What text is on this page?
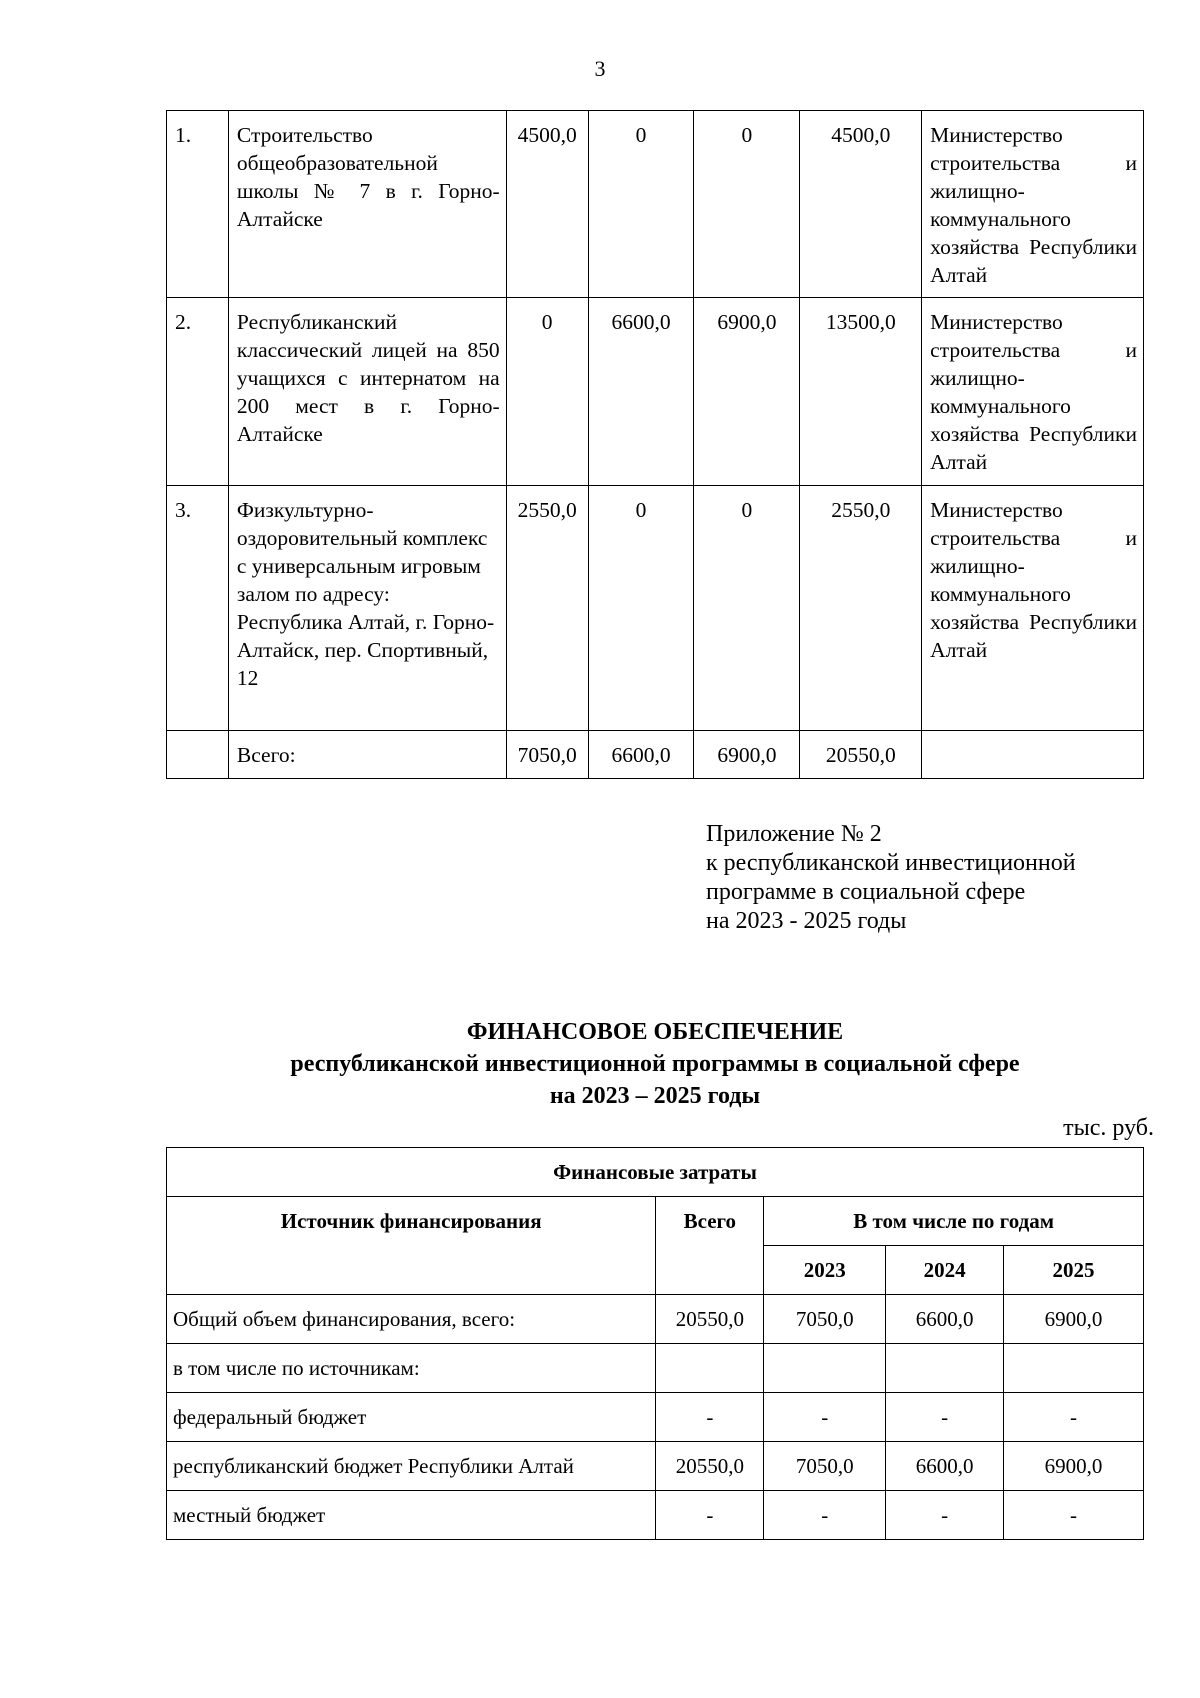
3
1.	Строительство общеобразовательной школы № 7 в г. Горно-Алтайске	4500,0	0	0	4500,0	Министерство строительства и жилищно-коммунального хозяйства Республики Алтай
2.	Республиканский классический лицей на 850 учащихся с интернатом на 200 мест в г. Горно-Алтайске	0	6600,0	6900,0	13500,0	Министерство строительства и жилищно-коммунального хозяйства Республики Алтай
3.	Физкультурно-оздоровительный комплекс с универсальным игровым залом по адресу: Республика Алтай, г. Горно-Алтайск, пер. Спортивный, 12	2550,0	0	0	2550,0	Министерство строительства и жилищно-коммунального хозяйства Республики Алтай
	Всего:	7050,0	6600,0	6900,0	20550,0	
Приложение № 2
к республиканской инвестиционной
программе в социальной сфере
на 2023 - 2025 годы
ФИНАНСОВОЕ ОБЕСПЕЧЕНИЕ
республиканской инвестиционной программы в социальной сфере
на 2023 – 2025 годы
тыс. руб.
Финансовые затраты				
Источник финансирования	Всего	В том числе по годам		
		2023	2024	2025
Общий объем финансирования, всего:	20550,0	7050,0	6600,0	6900,0
в том числе по источникам:				
федеральный бюджет	-	-	-	-
республиканский бюджет Республики Алтай	20550,0	7050,0	6600,0	6900,0
местный бюджет	-	-	-	-
